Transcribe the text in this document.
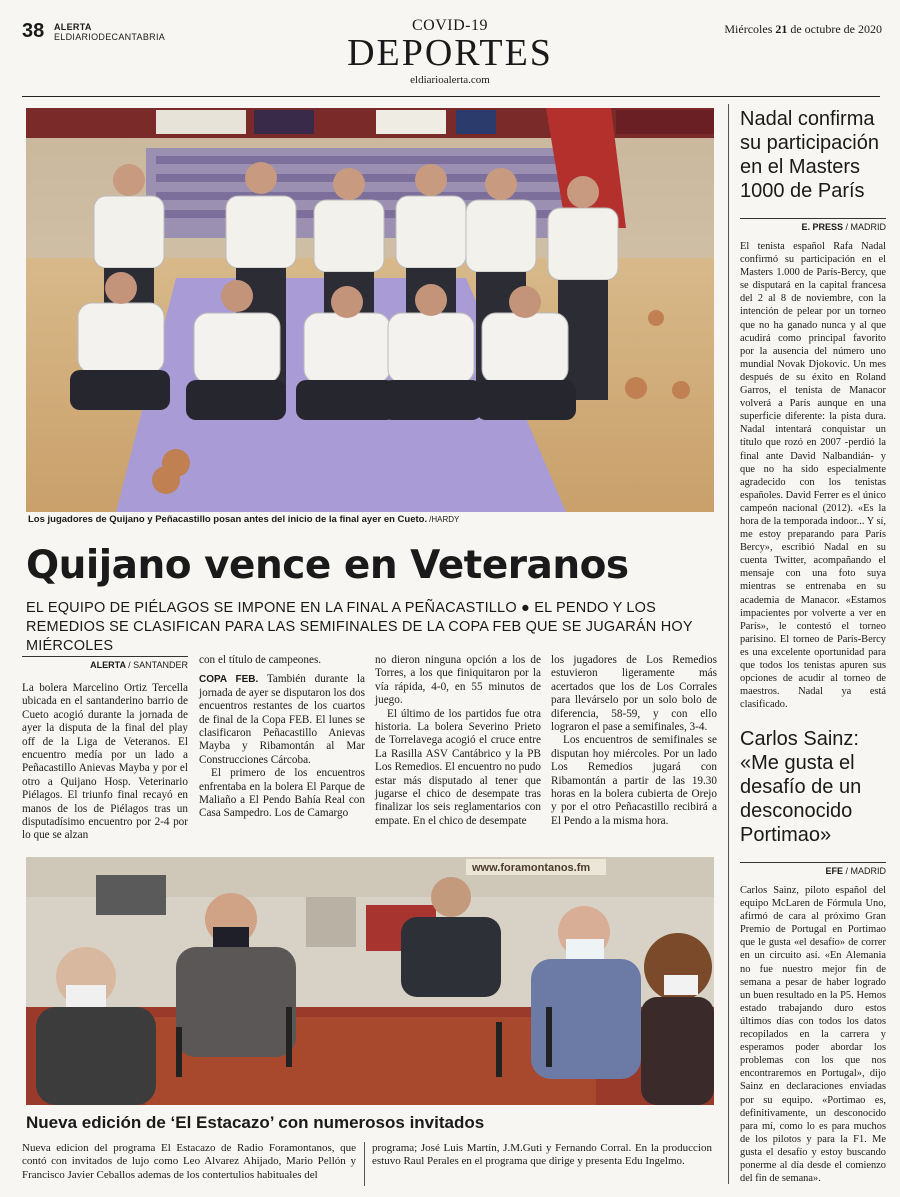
38 ALERTA
ELDIARIODECANTABRIA
COVID-19
DEPORTES
eldiarioalerta.com
Miércoles 21 de octubre de 2020
Los jugadores de Quijano y Peñacastillo posan antes del inicio de la final ayer en Cueto. /HARDY
Quijano vence en Veteranos
EL EQUIPO DE PIÉLAGOS SE IMPONE EN LA FINAL A PEÑACASTILLO ● EL PENDO Y LOS REMEDIOS SE CLASIFICAN PARA LAS SEMIFINALES DE LA COPA FEB QUE SE JUGARÁN HOY MIÉRCOLES
ALERTA / SANTANDER

La bolera Marcelino Ortiz Tercella ubicada en el santanderino barrio de Cueto acogió durante la jornada de ayer la disputa de la final del play off de la Liga de Veteranos. El encuentro medía por un lado a Peñacastillo Anievas Mayba y por el otro a Quijano Hosp. Veterinario Piélagos. El triunfo final recayó en manos de los de Piélagos tras un disputadísimo encuentro por 2-4 por lo que se alzan

con el título de campeones.

COPA FEB. También durante la jornada de ayer se disputaron los dos encuentros restantes de los cuartos de final de la Copa FEB. El lunes se clasificaron Peñacastillo Anievas Mayba y Ribamontán al Mar Construcciones Cárcoba.

El primero de los encuentros enfrentaba en la bolera El Parque de Maliaño a El Pendo Bahía Real con Casa Sampedro. Los de Camargo

no dieron ninguna opción a los de Torres, a los que finiquitaron por la vía rápida, 4-0, en 55 minutos de juego.

El último de los partidos fue otra historia. La bolera Severino Prieto de Torrelavega acogió el cruce entre La Rasilla ASV Cantábrico y la PB Los Remedios. El encuentro no pudo estar más disputado al tener que jugarse el chico de desempate tras finalizar los seis reglamentarios con empate. En el chico de desempate

los jugadores de Los Remedios estuvieron ligeramente más acertados que los de Los Corrales para llevárselo por un solo bolo de diferencia, 58-59, y con ello lograron el pase a semifinales, 3-4.

Los encuentros de semifinales se disputan hoy miércoles. Por un lado Los Remedios jugará con Ribamontán a partir de las 19.30 horas en la bolera cubierta de Orejo y por el otro Peñacastillo recibirá a El Pendo a la misma hora.

Nadal confirma su participación en el Masters 1000 de París
E. PRESS / MADRID

El tenista español Rafa Nadal confirmó su participación en el Masters 1.000 de París-Bercy, que se disputará en la capital francesa del 2 al 8 de noviembre, con la intención de pelear por un torneo que no ha ganado nunca y al que acudirá como principal favorito por la ausencia del número uno mundial Novak Djokovic. Un mes después de su éxito en Roland Garros, el tenista de Manacor volverá a París aunque en una superficie diferente: la pista dura. Nadal intentará conquistar un título que rozó en 2007 -perdió la final ante David Nalbandián- y que no ha sido especialmente agradecido con los tenistas españoles. David Ferrer es el único campeón nacional (2012). «Es la hora de la temporada indoor... Y sí, me estoy preparando para París Bercy», escribió Nadal en su cuenta Twitter, acompañando el mensaje con una foto suya mientras se entrenaba en su academia de Manacor. «Estamos impacientes por volverte a ver en París», le contestó el torneo parisino. El torneo de París-Bercy es una excelente oportunidad para que todos los tenistas apuren sus opciones de acudir al torneo de maestros. Nadal ya está clasificado.

Carlos Sainz: «Me gusta el desafío de un desconocido Portimao»
EFE / MADRID

Carlos Sainz, piloto español del equipo McLaren de Fórmula Uno, afirmó de cara al próximo Gran Premio de Portugal en Portimao que le gusta «el desafío» de correr en un circuito así. «En Alemania no fue nuestro mejor fin de semana a pesar de haber logrado un buen resultado en la P5. Hemos estado trabajando duro estos últimos días con todos los datos recopilados en la carrera y esperamos poder abordar los problemas con los que nos encontraremos en Portugal», dijo Sainz en declaraciones enviadas por su equipo. «Portimao es, definitivamente, un desconocido para mí, como lo es para muchos de los pilotos y para la F1. Me gusta el desafío y estoy buscando ponerme al día desde el comienzo del fin de semana».

www.foramontanos.fm
Nueva edición de ‘El Estacazo’ con numerosos invitados

Nueva edicion del programa El Estacazo de Radio Foramontanos, que contó con invitados de lujo como Leo Alvarez Ahijado, Mario Pellón y Francisco Javier Ceballos ademas de los contertulios habituales del

programa; José Luis Martín, J.M.Guti y Fernando Corral. En la produccion estuvo Raul Perales en el programa que dirige y presenta Edu Ingelmo.
